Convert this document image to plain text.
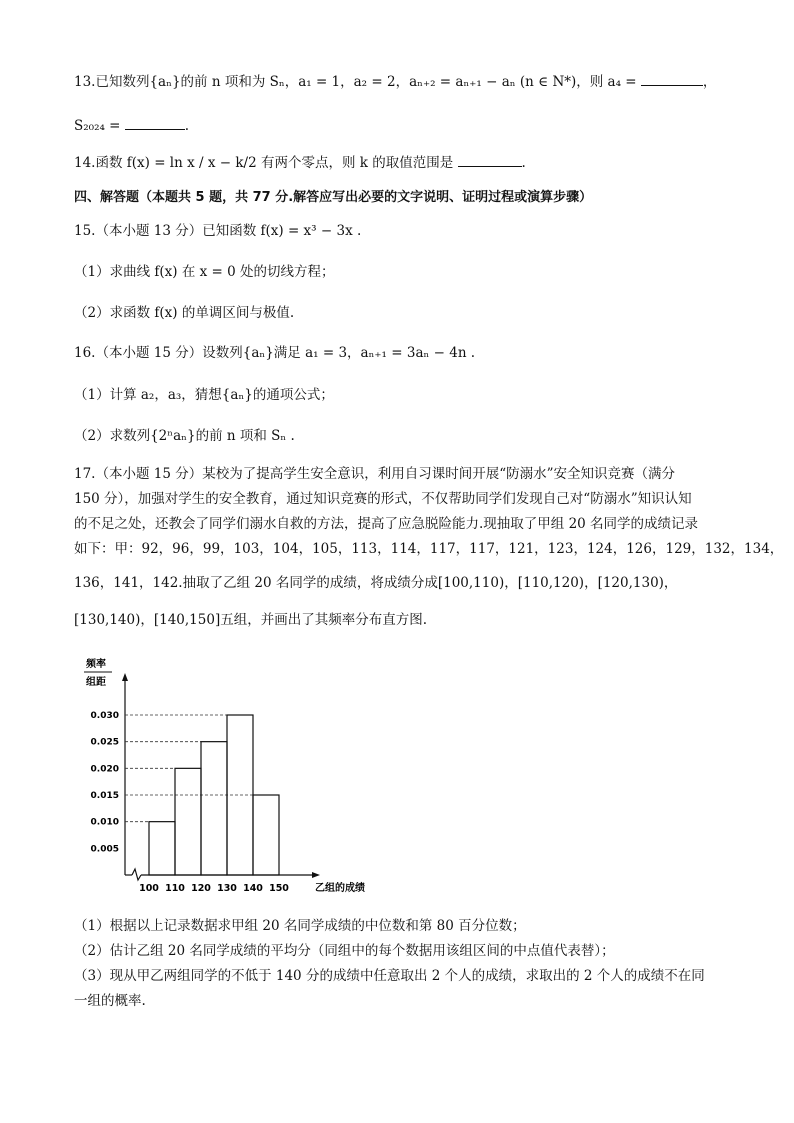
13.已知数列{aₙ}的前 n 项和为 Sₙ，a₁ = 1，a₂ = 2，aₙ₊₂ = aₙ₊₁ − aₙ (n ∈ N*)，则 a₄ =	，
S₂₀₂₄ =	.
14.函数 f(x) = ln x / x − k/2 有两个零点，则 k 的取值范围是	.
四、解答题（本题共 5 题，共 77 分.解答应写出必要的文字说明、证明过程或演算步骤）
15.（本小题 13 分）已知函数 f(x) = x³ − 3x .
（1）求曲线 f(x) 在 x = 0 处的切线方程；
（2）求函数 f(x) 的单调区间与极值.
16.（本小题 15 分）设数列{aₙ}满足 a₁ = 3，aₙ₊₁ = 3aₙ − 4n .
（1）计算 a₂，a₃，猜想{aₙ}的通项公式；
（2）求数列{2ⁿaₙ}的前 n 项和 Sₙ .
17.（本小题 15 分）某校为了提高学生安全意识，利用自习课时间开展“防溺水”安全知识竞赛（满分
150 分），加强对学生的安全教育，通过知识竞赛的形式，不仅帮助同学们发现自己对“防溺水”知识认知
的不足之处，还教会了同学们溺水自救的方法，提高了应急脱险能力.现抽取了甲组 20 名同学的成绩记录
如下：甲：92，96，99，103，104，105，113，114，117，117，121，123，124，126，129，132，134，
136，141，142.抽取了乙组 20 名同学的成绩，将成绩分成[100,110)，[110,120)，[120,130)，
[130,140)，[140,150]五组，并画出了其频率分布直方图.
频率
组距
0.005
0.010
0.015
0.020
0.025
0.030
100 110 120 130 140 150	乙组的成绩
（1）根据以上记录数据求甲组 20 名同学成绩的中位数和第 80 百分位数；
（2）估计乙组 20 名同学成绩的平均分（同组中的每个数据用该组区间的中点值代表替）；
（3）现从甲乙两组同学的不低于 140 分的成绩中任意取出 2 个人的成绩，求取出的 2 个人的成绩不在同
一组的概率.
